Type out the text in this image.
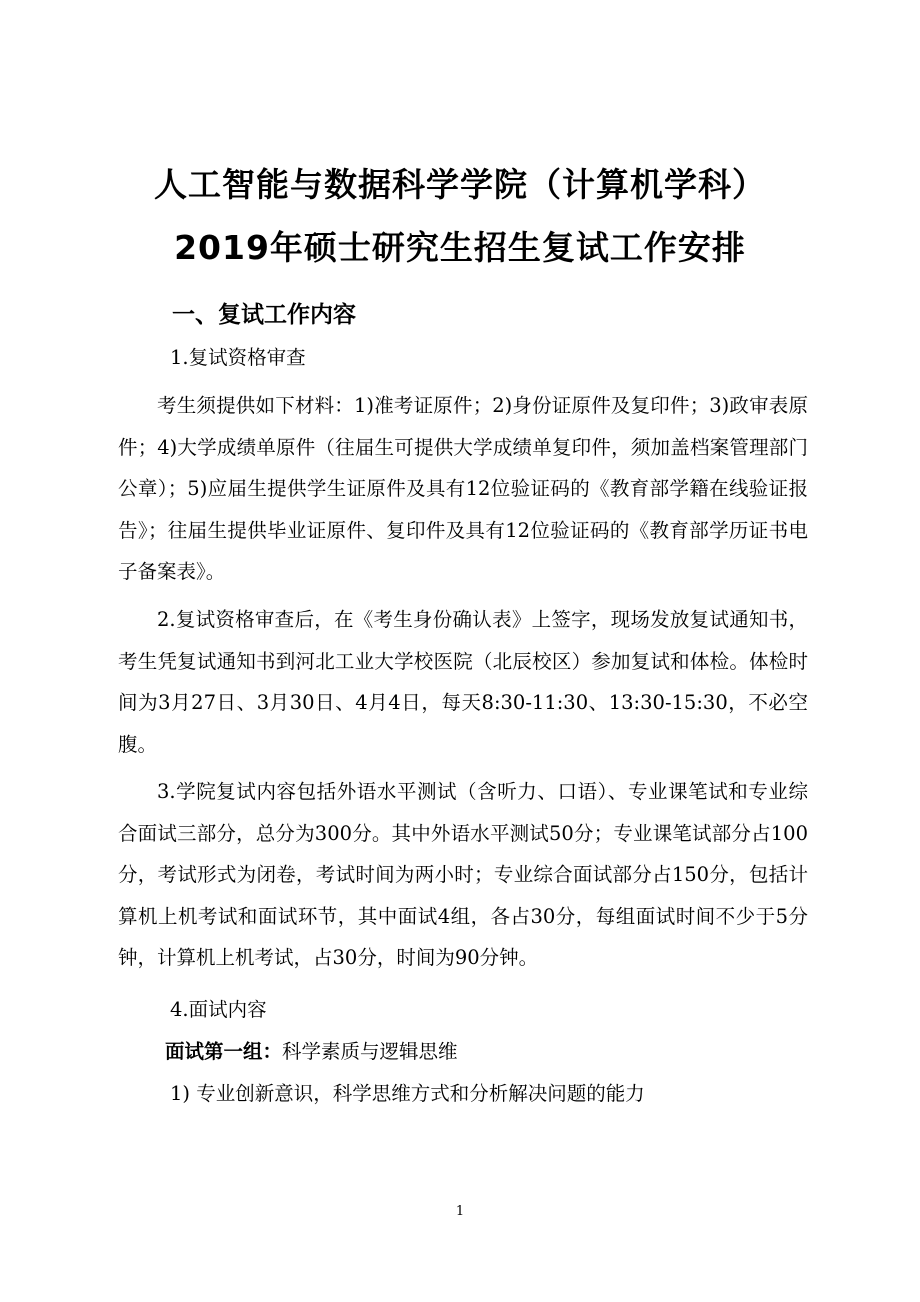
人工智能与数据科学学院（计算机学科）
2019年硕士研究生招生复试工作安排
一、复试工作内容
1.复试资格审查
考生须提供如下材料：1)准考证原件；2)身份证原件及复印件；3)政审表原件；4)大学成绩单原件（往届生可提供大学成绩单复印件，须加盖档案管理部门公章）；5)应届生提供学生证原件及具有12位验证码的《教育部学籍在线验证报告》；往届生提供毕业证原件、复印件及具有12位验证码的《教育部学历证书电子备案表》。
2.复试资格审查后，在《考生身份确认表》上签字，现场发放复试通知书，考生凭复试通知书到河北工业大学校医院（北辰校区）参加复试和体检。体检时间为3月27日、3月30日、4月4日，每天8:30-11:30、13:30-15:30，不必空腹。
3.学院复试内容包括外语水平测试（含听力、口语）、专业课笔试和专业综合面试三部分，总分为300分。其中外语水平测试50分；专业课笔试部分占100分，考试形式为闭卷，考试时间为两小时；专业综合面试部分占150分，包括计算机上机考试和面试环节，其中面试4组，各占30分，每组面试时间不少于5分钟，计算机上机考试，占30分，时间为90分钟。
4.面试内容
面试第一组：科学素质与逻辑思维
1) 专业创新意识，科学思维方式和分析解决问题的能力
1
